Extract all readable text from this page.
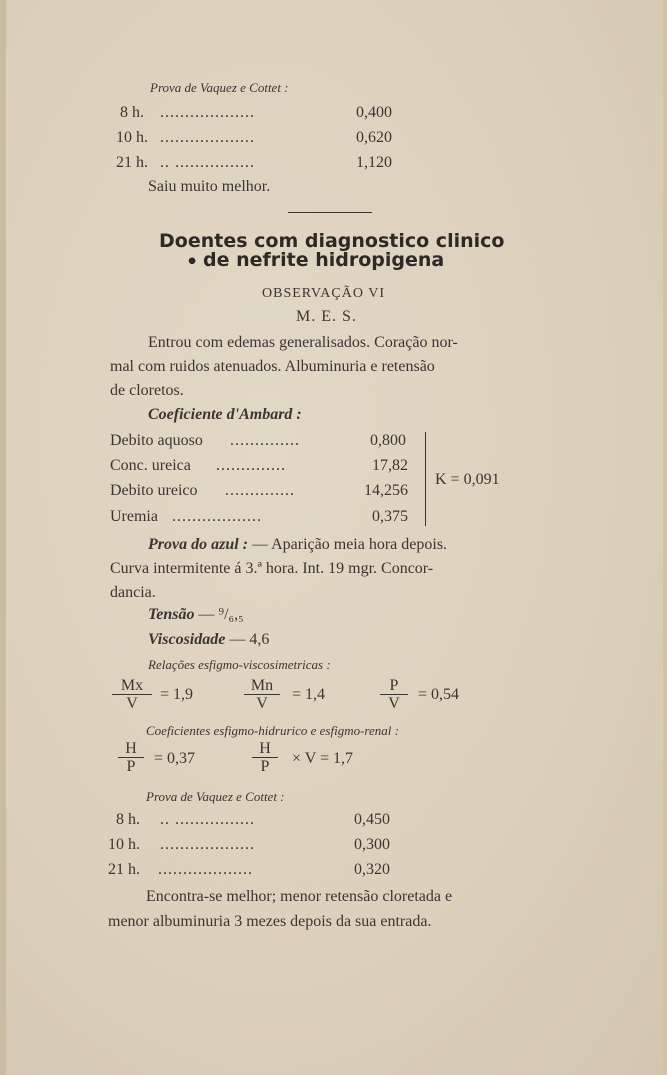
Prova de Vaquez e Cottet :
8 h. ...................	0,400
10 h. ...................	0,620
21 h. .. ................	1,120
Saiu muito melhor.
Doentes com diagnostico clinico
• de nefrite hidropigena
OBSERVAÇÃO VI
M. E. S.
Entrou com edemas generalisados. Coração nor-
mal com ruidos atenuados. Albuminuria e retensão
de cloretos.
Coeficiente d'Ambard :
Debito aquoso ..............	0,800
Conc. ureica ..............	17,82
Debito ureico ..............	14,256
Uremia ..................	0,375
K = 0,091
Prova do azul : — Aparição meia hora depois.
Curva intermitente á 3.ª hora. Int. 19 mgr. Concor-
dancia.
Tensão — ⁹/₆,₅
Viscosidade — 4,6
Relações esfigmo-viscosimetricas :
$\frac{Mx}{V} = 1,9$	$\frac{Mn}{V} = 1,4$	$\frac{P}{V} = 0,54$
Coeficientes esfigmo-hidrurico e esfigmo-renal :
$\frac{H}{P} = 0,37$	$\frac{H}{P} \times V = 1,7$
Prova de Vaquez e Cottet :
8 h. .. ................	0,450
10 h. ...................	0,300
21 h. ...................	0,320
Encontra-se melhor; menor retensão cloretada e
menor albuminuria 3 mezes depois da sua entrada.
